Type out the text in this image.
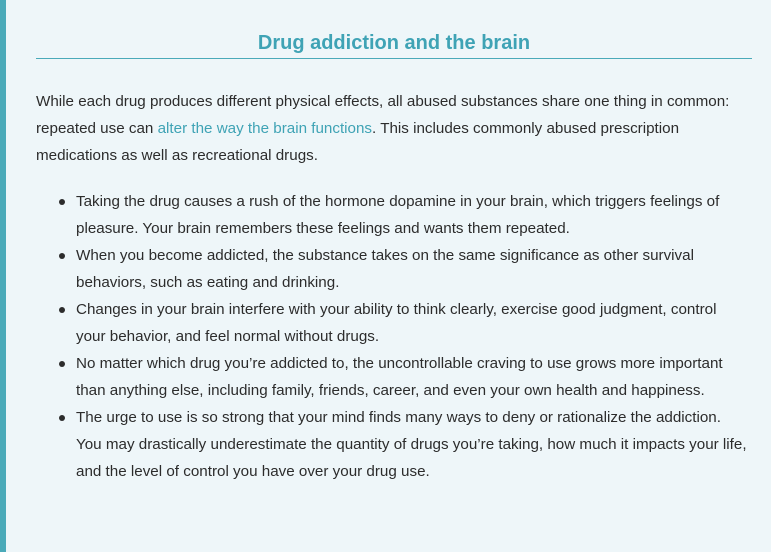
Drug addiction and the brain

While each drug produces different physical effects, all abused substances share one thing in common: repeated use can alter the way the brain functions. This includes commonly abused prescription medications as well as recreational drugs.

Taking the drug causes a rush of the hormone dopamine in your brain, which triggers feelings of pleasure. Your brain remembers these feelings and wants them repeated.
When you become addicted, the substance takes on the same significance as other survival behaviors, such as eating and drinking.
Changes in your brain interfere with your ability to think clearly, exercise good judgment, control your behavior, and feel normal without drugs.
No matter which drug you’re addicted to, the uncontrollable craving to use grows more important than anything else, including family, friends, career, and even your own health and happiness.
The urge to use is so strong that your mind finds many ways to deny or rationalize the addiction. You may drastically underestimate the quantity of drugs you’re taking, how much it impacts your life, and the level of control you have over your drug use.
